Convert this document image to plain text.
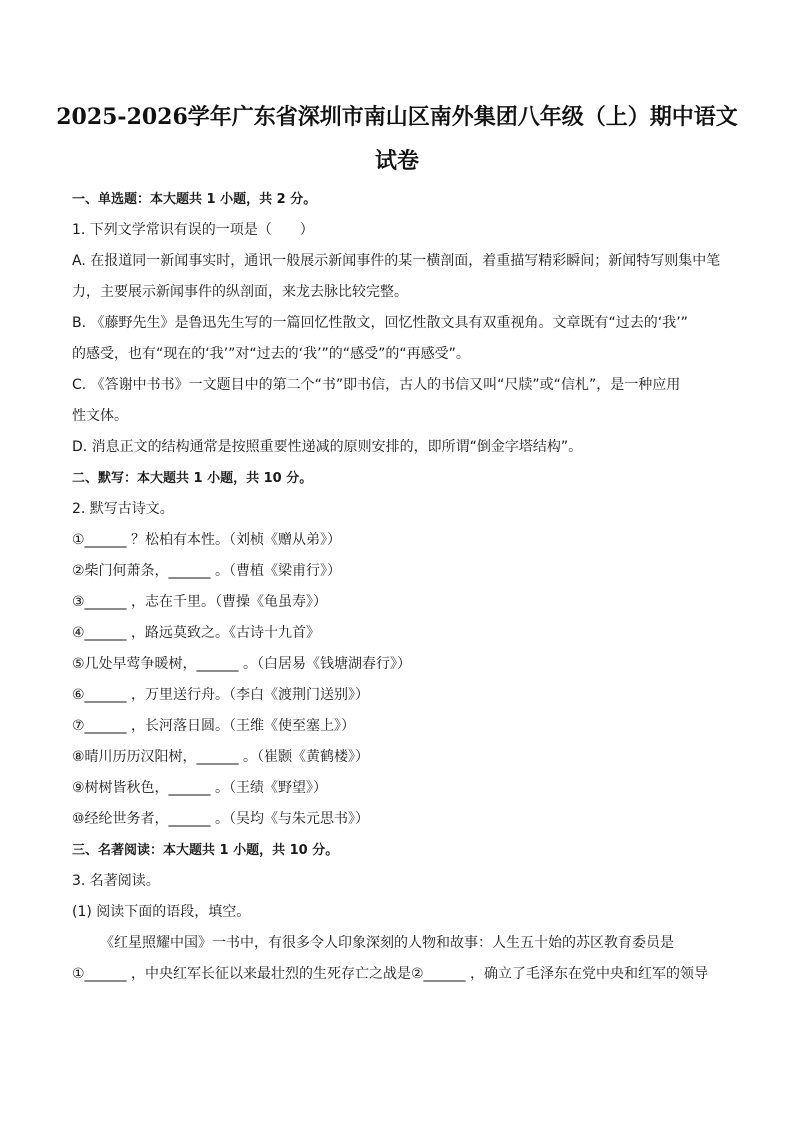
2025-2026学年广东省深圳市南山区南外集团八年级（上）期中语文
试卷
一、单选题：本大题共 1 小题，共 2 分。
1. 下列文学常识有误的一项是（　　）
A. 在报道同一新闻事实时，通讯一般展示新闻事件的某一横剖面，着重描写精彩瞬间；新闻特写则集中笔
力，主要展示新闻事件的纵剖面，来龙去脉比较完整。
B. 《藤野先生》是鲁迅先生写的一篇回忆性散文，回忆性散文具有双重视角。文章既有“过去的‘我’”
的感受，也有“现在的‘我’”对“过去的‘我’”的“感受”的“再感受”。
C. 《答谢中书书》一文题目中的第二个“书”即书信，古人的书信又叫“尺牍”或“信札”，是一种应用
性文体。
D. 消息正文的结构通常是按照重要性递减的原则安排的，即所谓“倒金字塔结构”。
二、默写：本大题共 1 小题，共 10 分。
2. 默写古诗文。
①______ ？松柏有本性。（刘桢《赠从弟》）
②柴门何萧条，______ 。（曹植《梁甫行》）
③______ ，志在千里。（曹操《龟虽寿》）
④______ ，路远莫致之。《古诗十九首》
⑤几处早莺争暖树，______ 。（白居易《钱塘湖春行》）
⑥______ ，万里送行舟。（李白《渡荆门送别》）
⑦______ ，长河落日圆。（王维《使至塞上》）
⑧晴川历历汉阳树，______ 。（崔颢《黄鹤楼》）
⑨树树皆秋色，______ 。（王绩《野望》）
⑩经纶世务者，______ 。（吴均《与朱元思书》）
三、名著阅读：本大题共 1 小题，共 10 分。
3. 名著阅读。
(1) 阅读下面的语段，填空。
《红星照耀中国》一书中，有很多令人印象深刻的人物和故事：人生五十始的苏区教育委员是
①______ ，中央红军长征以来最壮烈的生死存亡之战是②______ ，确立了毛泽东在党中央和红军的领导
